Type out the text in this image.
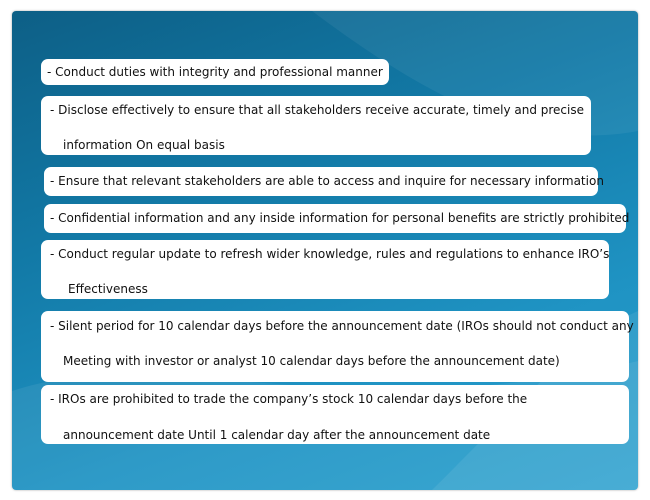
- Conduct duties with integrity and professional manner
- Disclose effectively to ensure that all stakeholders receive accurate, timely and precise
information On equal basis
- Ensure that relevant stakeholders are able to access and inquire for necessary information
- Confidential information and any inside information for personal benefits are strictly prohibited
- Conduct regular update to refresh wider knowledge, rules and regulations to enhance IRO’s
Effectiveness
- Silent period for 10 calendar days before the announcement date (IROs should not conduct any
Meeting with investor or analyst 10 calendar days before the announcement date)
- IROs are prohibited to trade the company’s stock 10 calendar days before the
announcement date Until 1 calendar day after the announcement date
